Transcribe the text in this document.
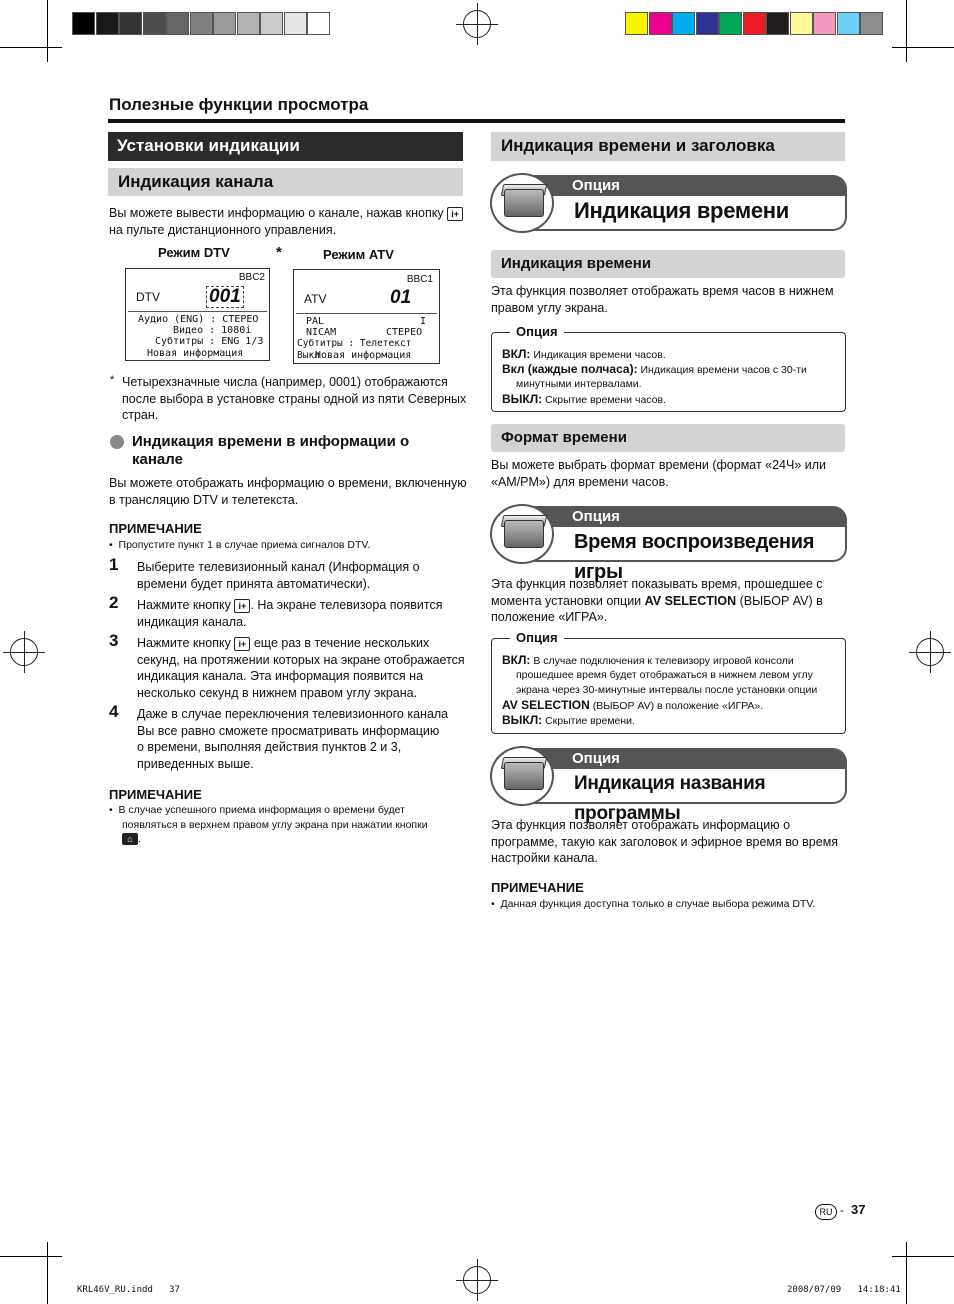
Полезные функции просмотра
Установки индикации
Индикация канала
Вы можете вывести информацию о канале, нажав кнопку i+
на пульте дистанционного управления.
Режим DTV	*	Режим ATV
BBC2
DTV	001
Аудио (ENG) : СТЕРЕО
Видео : 1080i
Субтитры : ENG 1/3
Новая информация
BBC1
ATV	01
PAL	I
NICAM	СТЕРЕО
Субтитры : Телетекст Выкл
Новая информация
* Четырехзначные числа (например, 0001) отображаются
после выбора в установке страны одной из пяти Северных
стран.
Индикация времени в информации о
канале
Вы можете отображать информацию о времени, включенную
в трансляцию DTV и телетекста.
ПРИМЕЧАНИЕ
•  Пропустите пункт 1 в случае приема сигналов DTV.
1 Выберите телевизионный канал (Информация о
времени будет принята автоматически).
2 Нажмите кнопку i+ . На экране телевизора появится
индикация канала.
3 Нажмите кнопку i+ еще раз в течение нескольких
секунд, на протяжении которых на экране отображается
индикация канала. Эта информация появится на
несколько секунд в нижнем правом углу экрана.
4 Даже в случае переключения телевизионного канала
Вы все равно сможете просматривать информацию
о времени, выполняя действия пунктов 2 и 3,
приведенных выше.
ПРИМЕЧАНИЕ
•  В случае успешного приема информация о времени будет
появляться в верхнем правом углу экрана при нажатии кнопки
⌂ .
Индикация времени и заголовка
Опция
Индикация времени
Индикация времени
Эта функция позволяет отображать время часов в нижнем
правом углу экрана.
Опция
ВКЛ: Индикация времени часов.
Вкл (каждые полчаса): Индикация времени часов с 30-ти
минутными интервалами.
ВЫКЛ: Скрытие времени часов.
Формат времени
Вы можете выбрать формат времени (формат «24Ч» или
«AM/PM») для времени часов.
Опция
Время воспроизведения игры
Эта функция позволяет показывать время, прошедшее с
момента установки опции AV SELECTION (ВЫБОР AV) в
положение «ИГРА».
Опция
ВКЛ: В случае подключения к телевизору игровой консоли
прошедшее время будет отображаться в нижнем левом углу
экрана через 30-минутные интервалы после установки опции
AV SELECTION (ВЫБОР AV) в положение «ИГРА».
ВЫКЛ: Скрытие времени.
Опция
Индикация названия программы
Эта функция позволяет отображать информацию о
программе, такую как заголовок и эфирное время во время
настройки канала.
ПРИМЕЧАНИЕ
•  Данная функция доступна только в случае выбора режима DTV.
RU - 37
KRL46V_RU.indd   37	2008/07/09   14:18:41
